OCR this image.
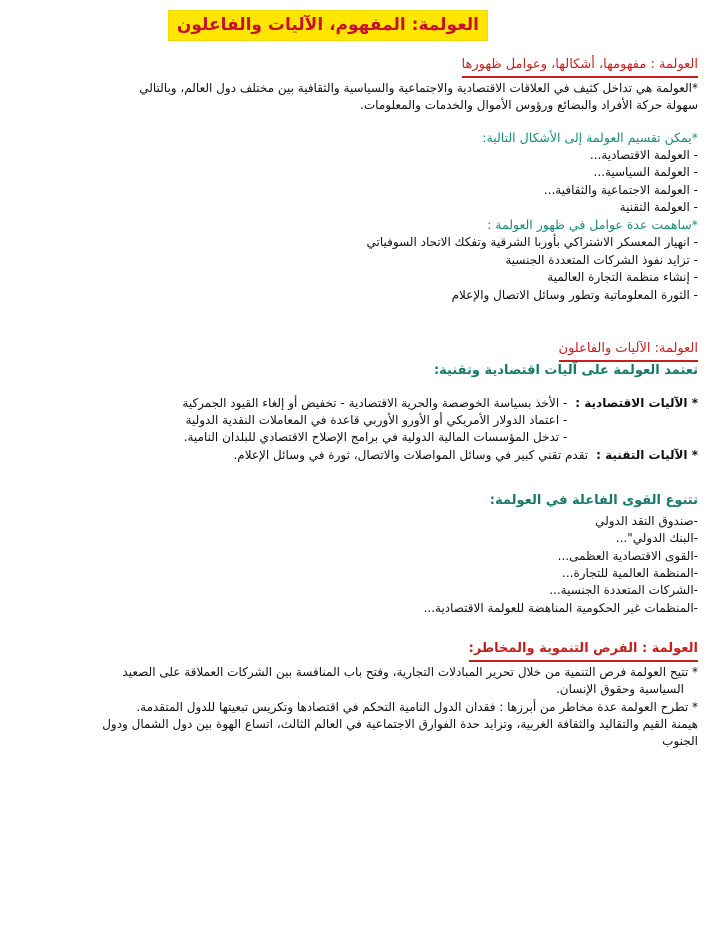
العولمة: المفهوم، الآليات والفاعلون
العولمة : مفهومها، أشكالها، وعوامل ظهورها

*العولمة هي تداخل كثيف في العلاقات الاقتصادية والاجتماعية والسياسية والثقافية بين مختلف دول العالم، وبالتالي

سهولة حركة الأفراد والبضائع ورؤوس الأموال والخدمات والمعلومات.

*يمكن تقسيم العولمة إلى الأشكال التالية:

- العولمة الاقتصادية...
- العولمة السياسية...
- العولمة الاجتماعية والثقافية...
- العولمة التقنية

*ساهمت عدة عوامل في ظهور العولمة :

- انهيار المعسكر الاشتراكي بأوربا الشرقية وتفكك الاتحاد السوفياتي
- تزايد نفوذ الشركات المتعددة الجنسية
- إنشاء منظمة التجارة العالمية
- الثورة المعلوماتية وتطور وسائل الاتصال والإعلام
العولمة: الآليات والفاعلون

تعتمد العولمة على آليات اقتصادية وتقنية:

* الآليات الاقتصادية :

- الأخذ بسياسة الخوصصة والحرية الاقتصادية - تخفيض أو إلغاء القيود الجمركية

- اعتماد الدولار الأمريكي أو الأورو الأوربي قاعدة في المعاملات النقدية الدولية

- تدخل المؤسسات المالية الدولية في برامج الإصلاح الاقتصادي للبلدان النامية.

* الآليات التقنية :
تقدم تقني كبير في وسائل المواصلات والاتصال، ثورة في وسائل الإعلام.

تتنوع القوى الفاعلة في العولمة:

-صندوق النقد الدولي
-البنك الدولي"...
-القوى الاقتصادية العظمى...
-المنظمة العالمية للتجارة...
-الشركات المتعددة الجنسية...
-المنظمات غير الحكومية المناهضة للعولمة الاقتصادية...
العولمة : الفرص التنموية والمخاطر:

* تتيح العولمة فرص التنمية من خلال تحرير المبادلات التجارية، وفتح باب المنافسة بين الشركات العملاقة على الصعيد

السياسية وحقوق الإنسان.

* تطرح العولمة عدة مخاطر من أبرزها : فقدان الدول النامية التحكم في اقتصادها وتكريس تبعيتها للدول المتقدمة.

هيمنة القيم والتقاليد والثقافة الغربية، وتزايد حدة الفوارق الاجتماعية في العالم الثالث، اتساع الهوة بين دول الشمال ودول

الجنوب
